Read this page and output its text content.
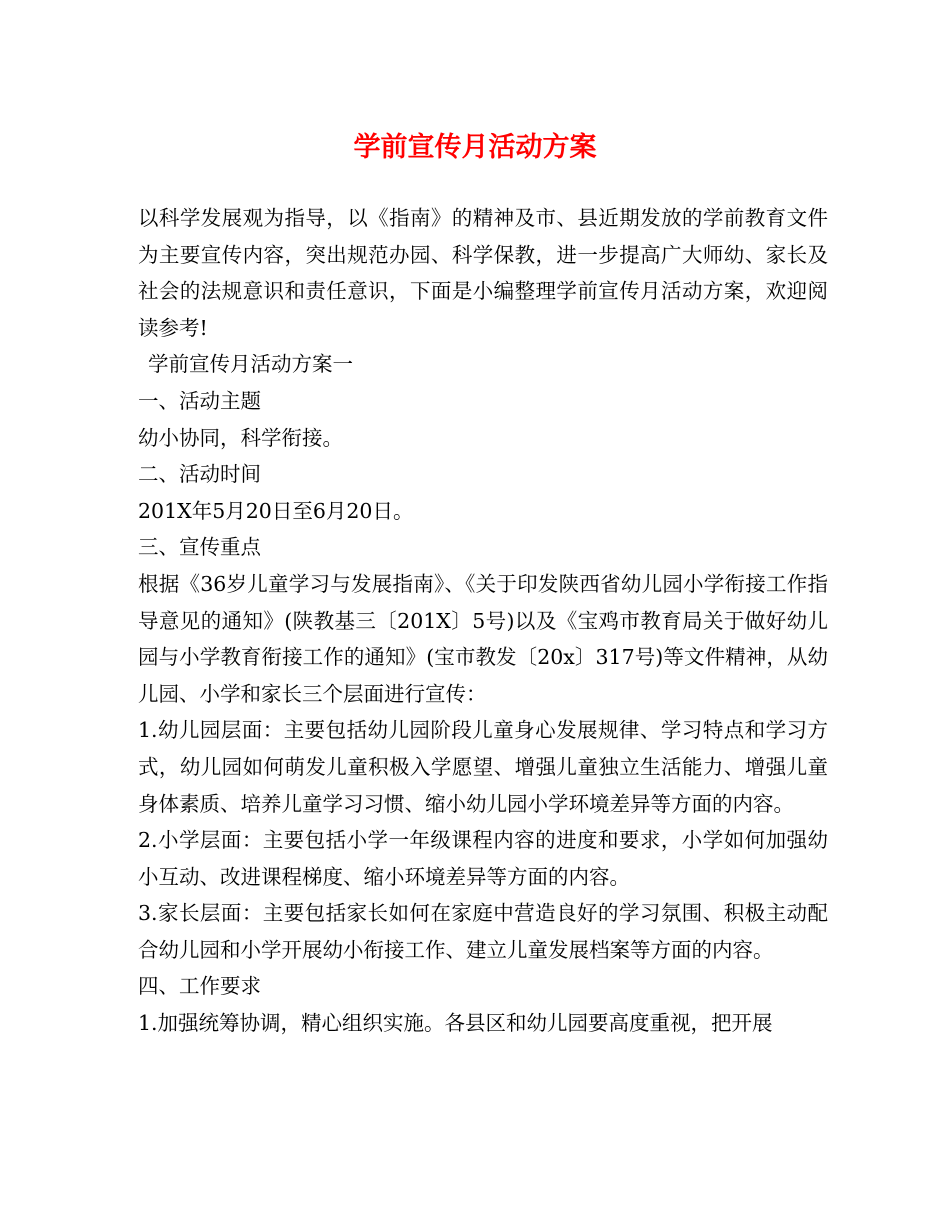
学前宣传月活动方案

以科学发展观为指导，以《指南》的精神及市、县近期发放的学前教育文件为主要宣传内容，突出规范办园、科学保教，进一步提高广大师幼、家长及社会的法规意识和责任意识，下面是小编整理学前宣传月活动方案，欢迎阅读参考!

学前宣传月活动方案一

一、活动主题

幼小协同，科学衔接。

二、活动时间

201X年5月20日至6月20日。

三、宣传重点

根据《36岁儿童学习与发展指南》、《关于印发陕西省幼儿园小学衔接工作指导意见的通知》(陕教基三〔201X〕5号)以及《宝鸡市教育局关于做好幼儿园与小学教育衔接工作的通知》(宝市教发〔20x〕317号)等文件精神，从幼儿园、小学和家长三个层面进行宣传：

1.幼儿园层面：主要包括幼儿园阶段儿童身心发展规律、学习特点和学习方式，幼儿园如何萌发儿童积极入学愿望、增强儿童独立生活能力、增强儿童身体素质、培养儿童学习习惯、缩小幼儿园小学环境差异等方面的内容。

2.小学层面：主要包括小学一年级课程内容的进度和要求，小学如何加强幼小互动、改进课程梯度、缩小环境差异等方面的内容。

3.家长层面：主要包括家长如何在家庭中营造良好的学习氛围、积极主动配合幼儿园和小学开展幼小衔接工作、建立儿童发展档案等方面的内容。

四、工作要求

1.加强统筹协调，精心组织实施。各县区和幼儿园要高度重视，把开展
